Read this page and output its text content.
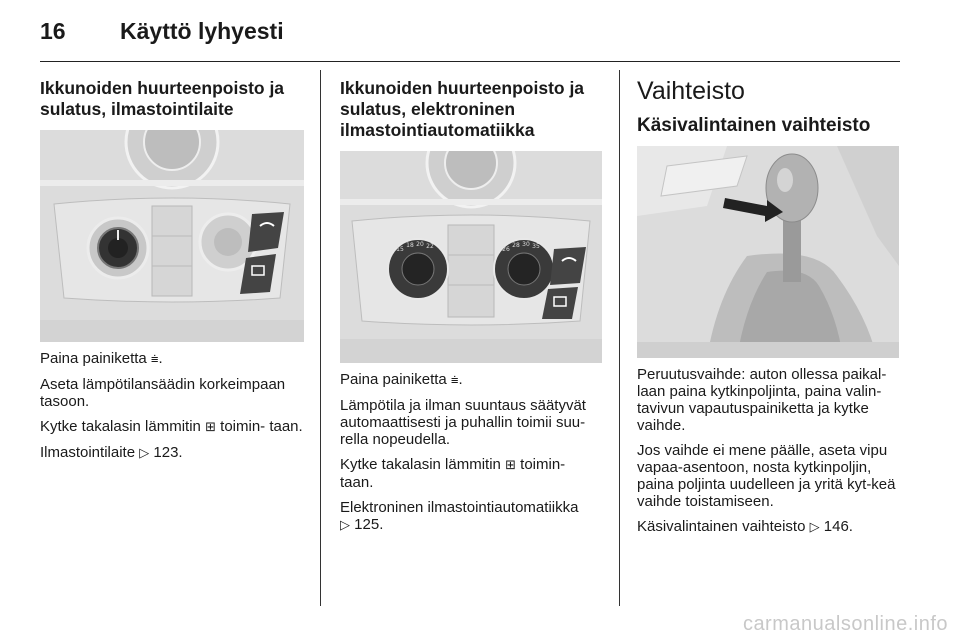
16	Käyttö lyhyesti
Ikkunoiden huurteenpoisto ja sulatus, ilmastointilaite

Paina painiketta ⩧.

Aseta lämpötilansäädin korkeimpaan tasoon.

Kytke takalasin lämmitin ⊞ toimin- taan.

Ilmastointilaite ▷ 123.

Ikkunoiden huurteenpoisto ja sulatus, elektroninen ilmastointiautomatiikka
15
18 20 22	26
28 30 35

Paina painiketta ⩧.

Lämpötila ja ilman suuntaus säätyvät automaattisesti ja puhallin toimii suu-rella nopeudella.

Kytke takalasin lämmitin ⊞ toimin- taan.

Elektroninen ilmastointiautomatiikka
▷ 125.

Vaihteisto
Käsivalintainen vaihteisto

Peruutusvaihde: auton ollessa paikal-laan paina kytkinpoljinta, paina valin-tavivun vapautuspainiketta ja kytke vaihde.

Jos vaihde ei mene päälle, aseta vipu vapaa-asentoon, nosta kytkinpoljin, paina poljinta uudelleen ja yritä kyt-keä vaihde toistamiseen.

Käsivalintainen vaihteisto ▷ 146.

carmanualsonline.info
